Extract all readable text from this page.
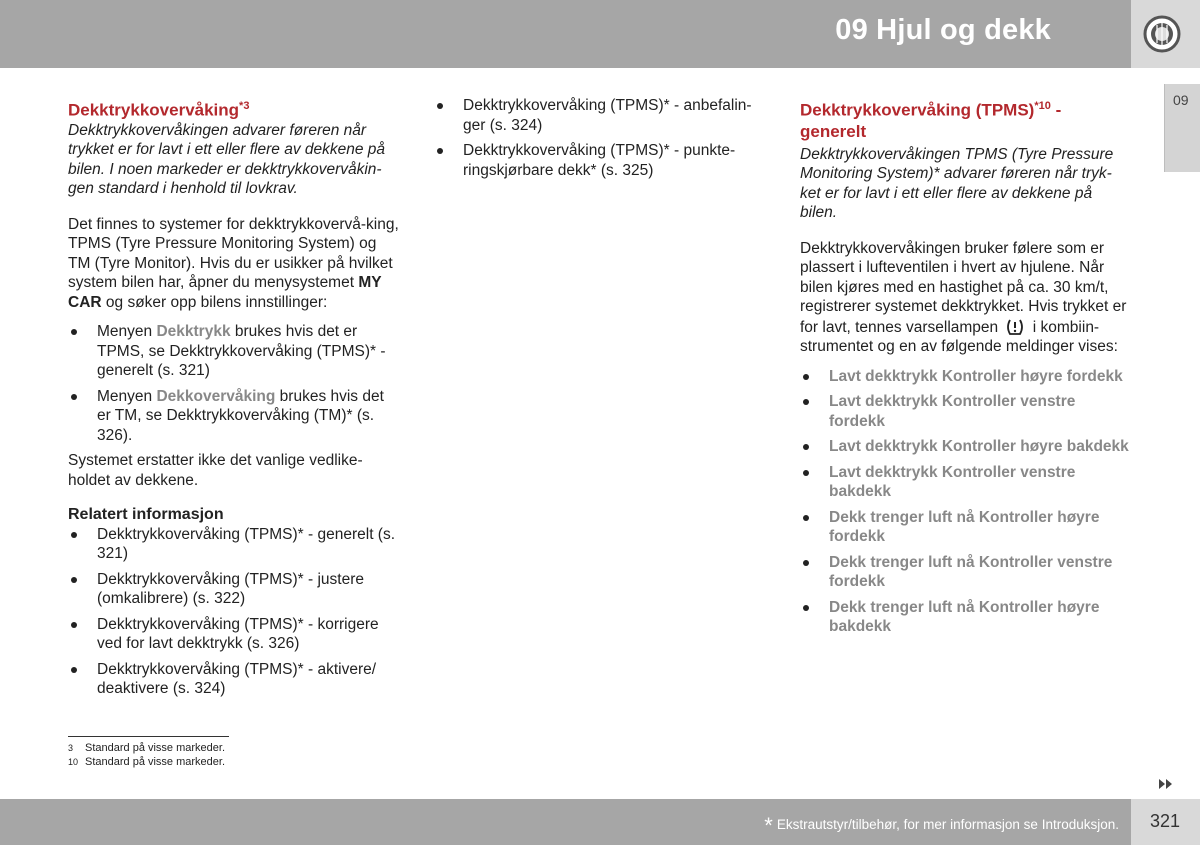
09 Hjul og dekk
09

Dekktrykkovervåking$^{*3}$

Dekktrykkovervåkingen advarer føreren når trykket er for lavt i ett eller flere av dekkene på bilen. I noen markeder er dekktrykkovervåkin-gen standard i henhold til lovkrav.

Det finnes to systemer for dekktrykkovervå-king, TPMS (Tyre Pressure Monitoring System) og TM (Tyre Monitor). Hvis du er usikker på hvilket system bilen har, åpner du menysystemet MY CAR og søker opp bilens innstillinger:

Menyen Dekktrykk brukes hvis det er TPMS, se Dekktrykkovervåking (TPMS)* - generelt (s. 321)
Menyen Dekkovervåking brukes hvis det er TM, se Dekktrykkovervåking (TM)* (s. 326).

Systemet erstatter ikke det vanlige vedlike-holdet av dekkene.

Relatert informasjon

Dekktrykkovervåking (TPMS)* - generelt (s. 321)
Dekktrykkovervåking (TPMS)* - justere (omkalibrere) (s. 322)
Dekktrykkovervåking (TPMS)* - korrigere ved for lavt dekktrykk (s. 326)
Dekktrykkovervåking (TPMS)* - aktivere/ deaktivere (s. 324)
Dekktrykkovervåking (TPMS)* - anbefalin-ger (s. 324)
Dekktrykkovervåking (TPMS)* - punkte-ringskjørbare dekk* (s. 325)

Dekktrykkovervåking (TPMS)$^{*10}$ - generelt

Dekktrykkovervåkingen TPMS (Tyre Pressure Monitoring System)* advarer føreren når tryk-ket er for lavt i ett eller flere av dekkene på bilen.

Dekktrykkovervåkingen bruker følere som er plassert i lufteventilen i hvert av hjulene. Når bilen kjøres med en hastighet på ca. 30 km/t, registrerer systemet dekktrykket. Hvis trykket er for lavt, tennes varsellampen  i kombiin-strumentet og en av følgende meldinger vises:

Lavt dekktrykk Kontroller høyre fordekk
Lavt dekktrykk Kontroller venstre fordekk
Lavt dekktrykk Kontroller høyre bakdekk
Lavt dekktrykk Kontroller venstre bakdekk
Dekk trenger luft nå Kontroller høyre fordekk
Dekk trenger luft nå Kontroller venstre fordekk
Dekk trenger luft nå Kontroller høyre bakdekk
3 Standard på visse markeder.
10 Standard på visse markeder.
* Ekstrautstyr/tilbehør, for mer informasjon se Introduksjon. 321
